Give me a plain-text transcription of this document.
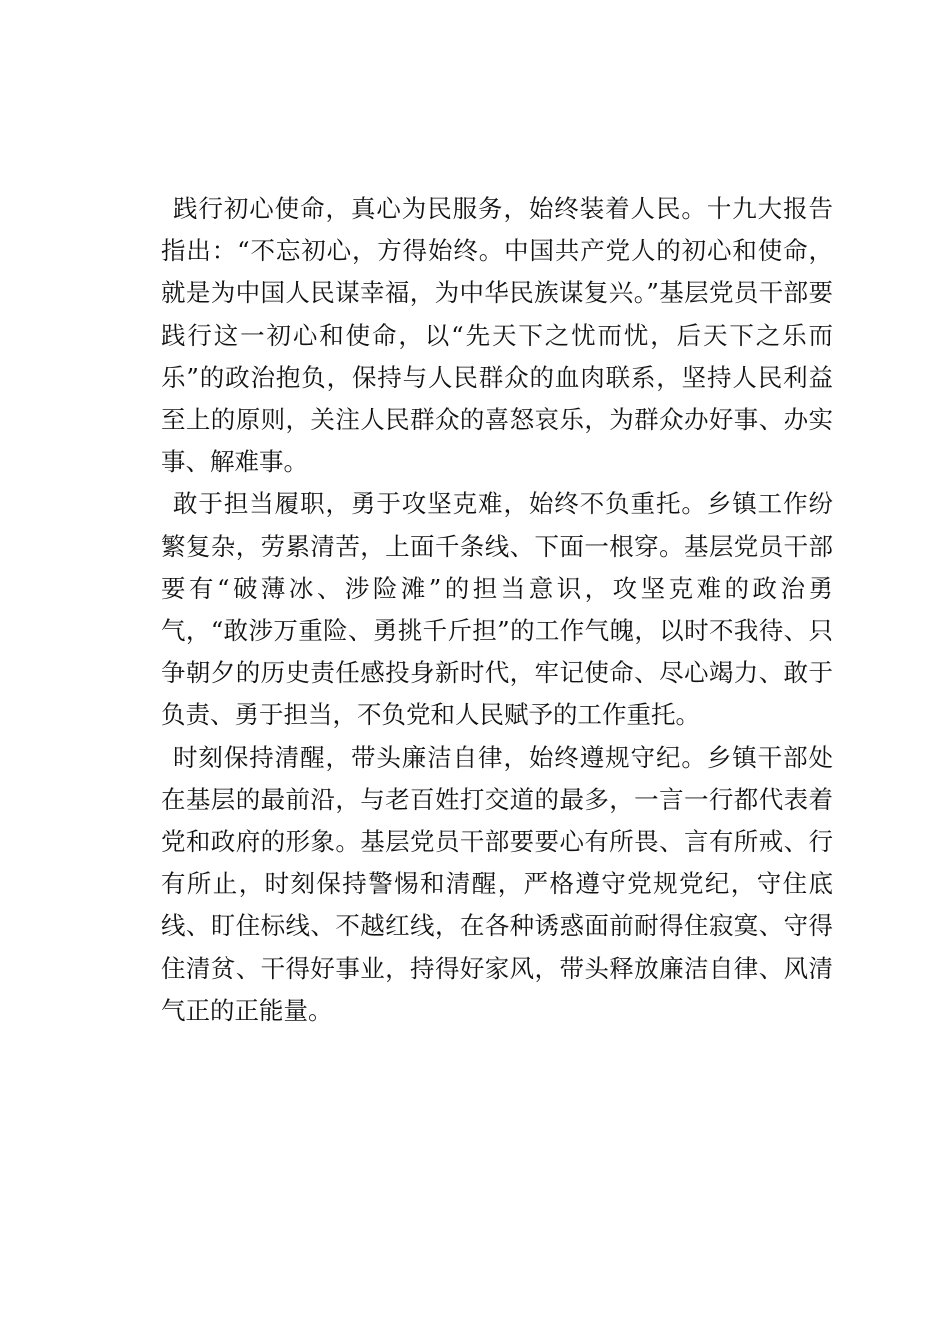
践行初心使命，真心为民服务，始终装着人民。十九大报告指出：“不忘初心，方得始终。中国共产党人的初心和使命，就是为中国人民谋幸福，为中华民族谋复兴。”基层党员干部要践行这一初心和使命，以“先天下之忧而忧，后天下之乐而乐”的政治抱负，保持与人民群众的血肉联系，坚持人民利益至上的原则，关注人民群众的喜怒哀乐，为群众办好事、办实事、解难事。

敢于担当履职，勇于攻坚克难，始终不负重托。乡镇工作纷繁复杂，劳累清苦，上面千条线、下面一根穿。基层党员干部要有“破薄冰、涉险滩”的担当意识，攻坚克难的政治勇气，“敢涉万重险、勇挑千斤担”的工作气魄，以时不我待、只争朝夕的历史责任感投身新时代，牢记使命、尽心竭力、敢于负责、勇于担当，不负党和人民赋予的工作重托。

时刻保持清醒，带头廉洁自律，始终遵规守纪。乡镇干部处在基层的最前沿，与老百姓打交道的最多，一言一行都代表着党和政府的形象。基层党员干部要要心有所畏、言有所戒、行有所止，时刻保持警惕和清醒，严格遵守党规党纪，守住底线、盯住标线、不越红线，在各种诱惑面前耐得住寂寞、守得住清贫、干得好事业，持得好家风，带头释放廉洁自律、风清气正的正能量。
